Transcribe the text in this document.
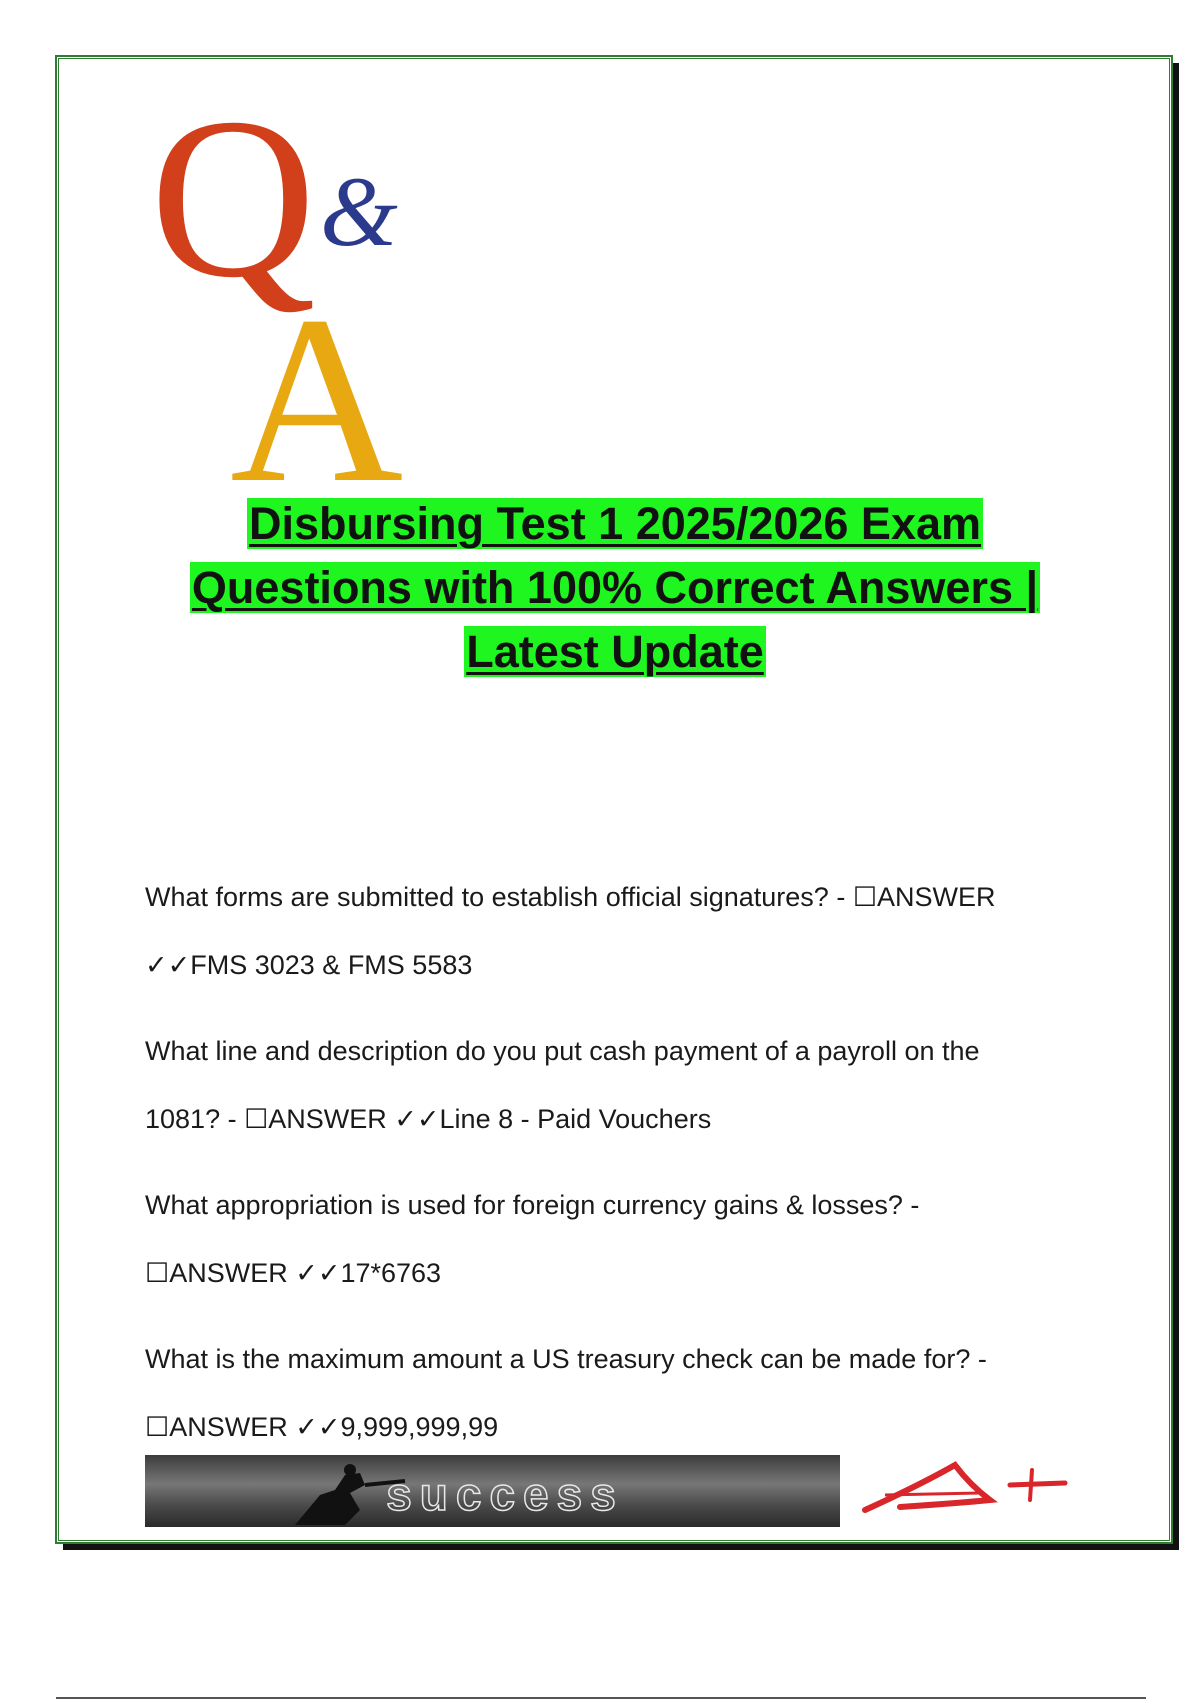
Q &
A
Disbursing Test 1 2025/2026 Exam
Questions with 100% Correct Answers |
Latest Update
What forms are submitted to establish official signatures? - ☐ANSWER
✓✓FMS 3023 & FMS 5583
What line and description do you put cash payment of a payroll on the
1081? - ☐ANSWER ✓✓Line 8 - Paid Vouchers
What appropriation is used for foreign currency gains & losses? -
☐ANSWER ✓✓17*6763
What is the maximum amount a US treasury check can be made for? -
☐ANSWER ✓✓9,999,999,99
success
